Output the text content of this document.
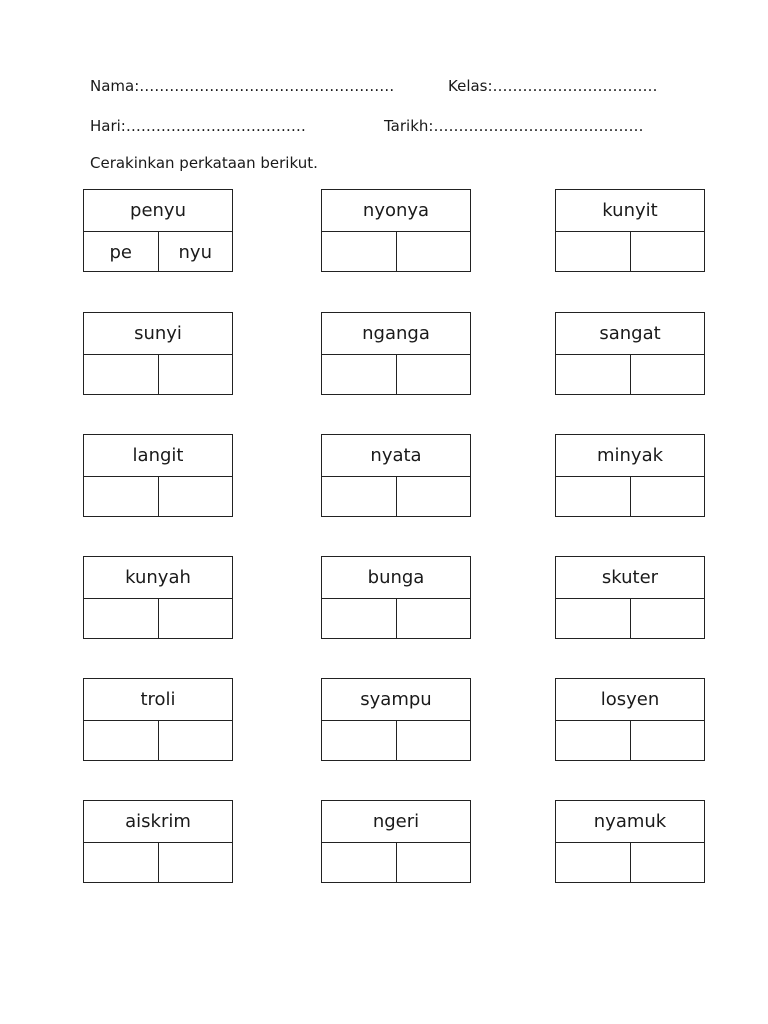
Nama:……………………………………………	Kelas:……………………………
Hari:………………………………	Tarikh:……………………………………
Cerakinkan perkataan berikut.
penyu
pe	nyu
nyonya	kunyit
sunyi	nganga	sangat
langit	nyata	minyak
kunyah	bunga	skuter
troli	syampu	losyen
aiskrim	ngeri	nyamuk
